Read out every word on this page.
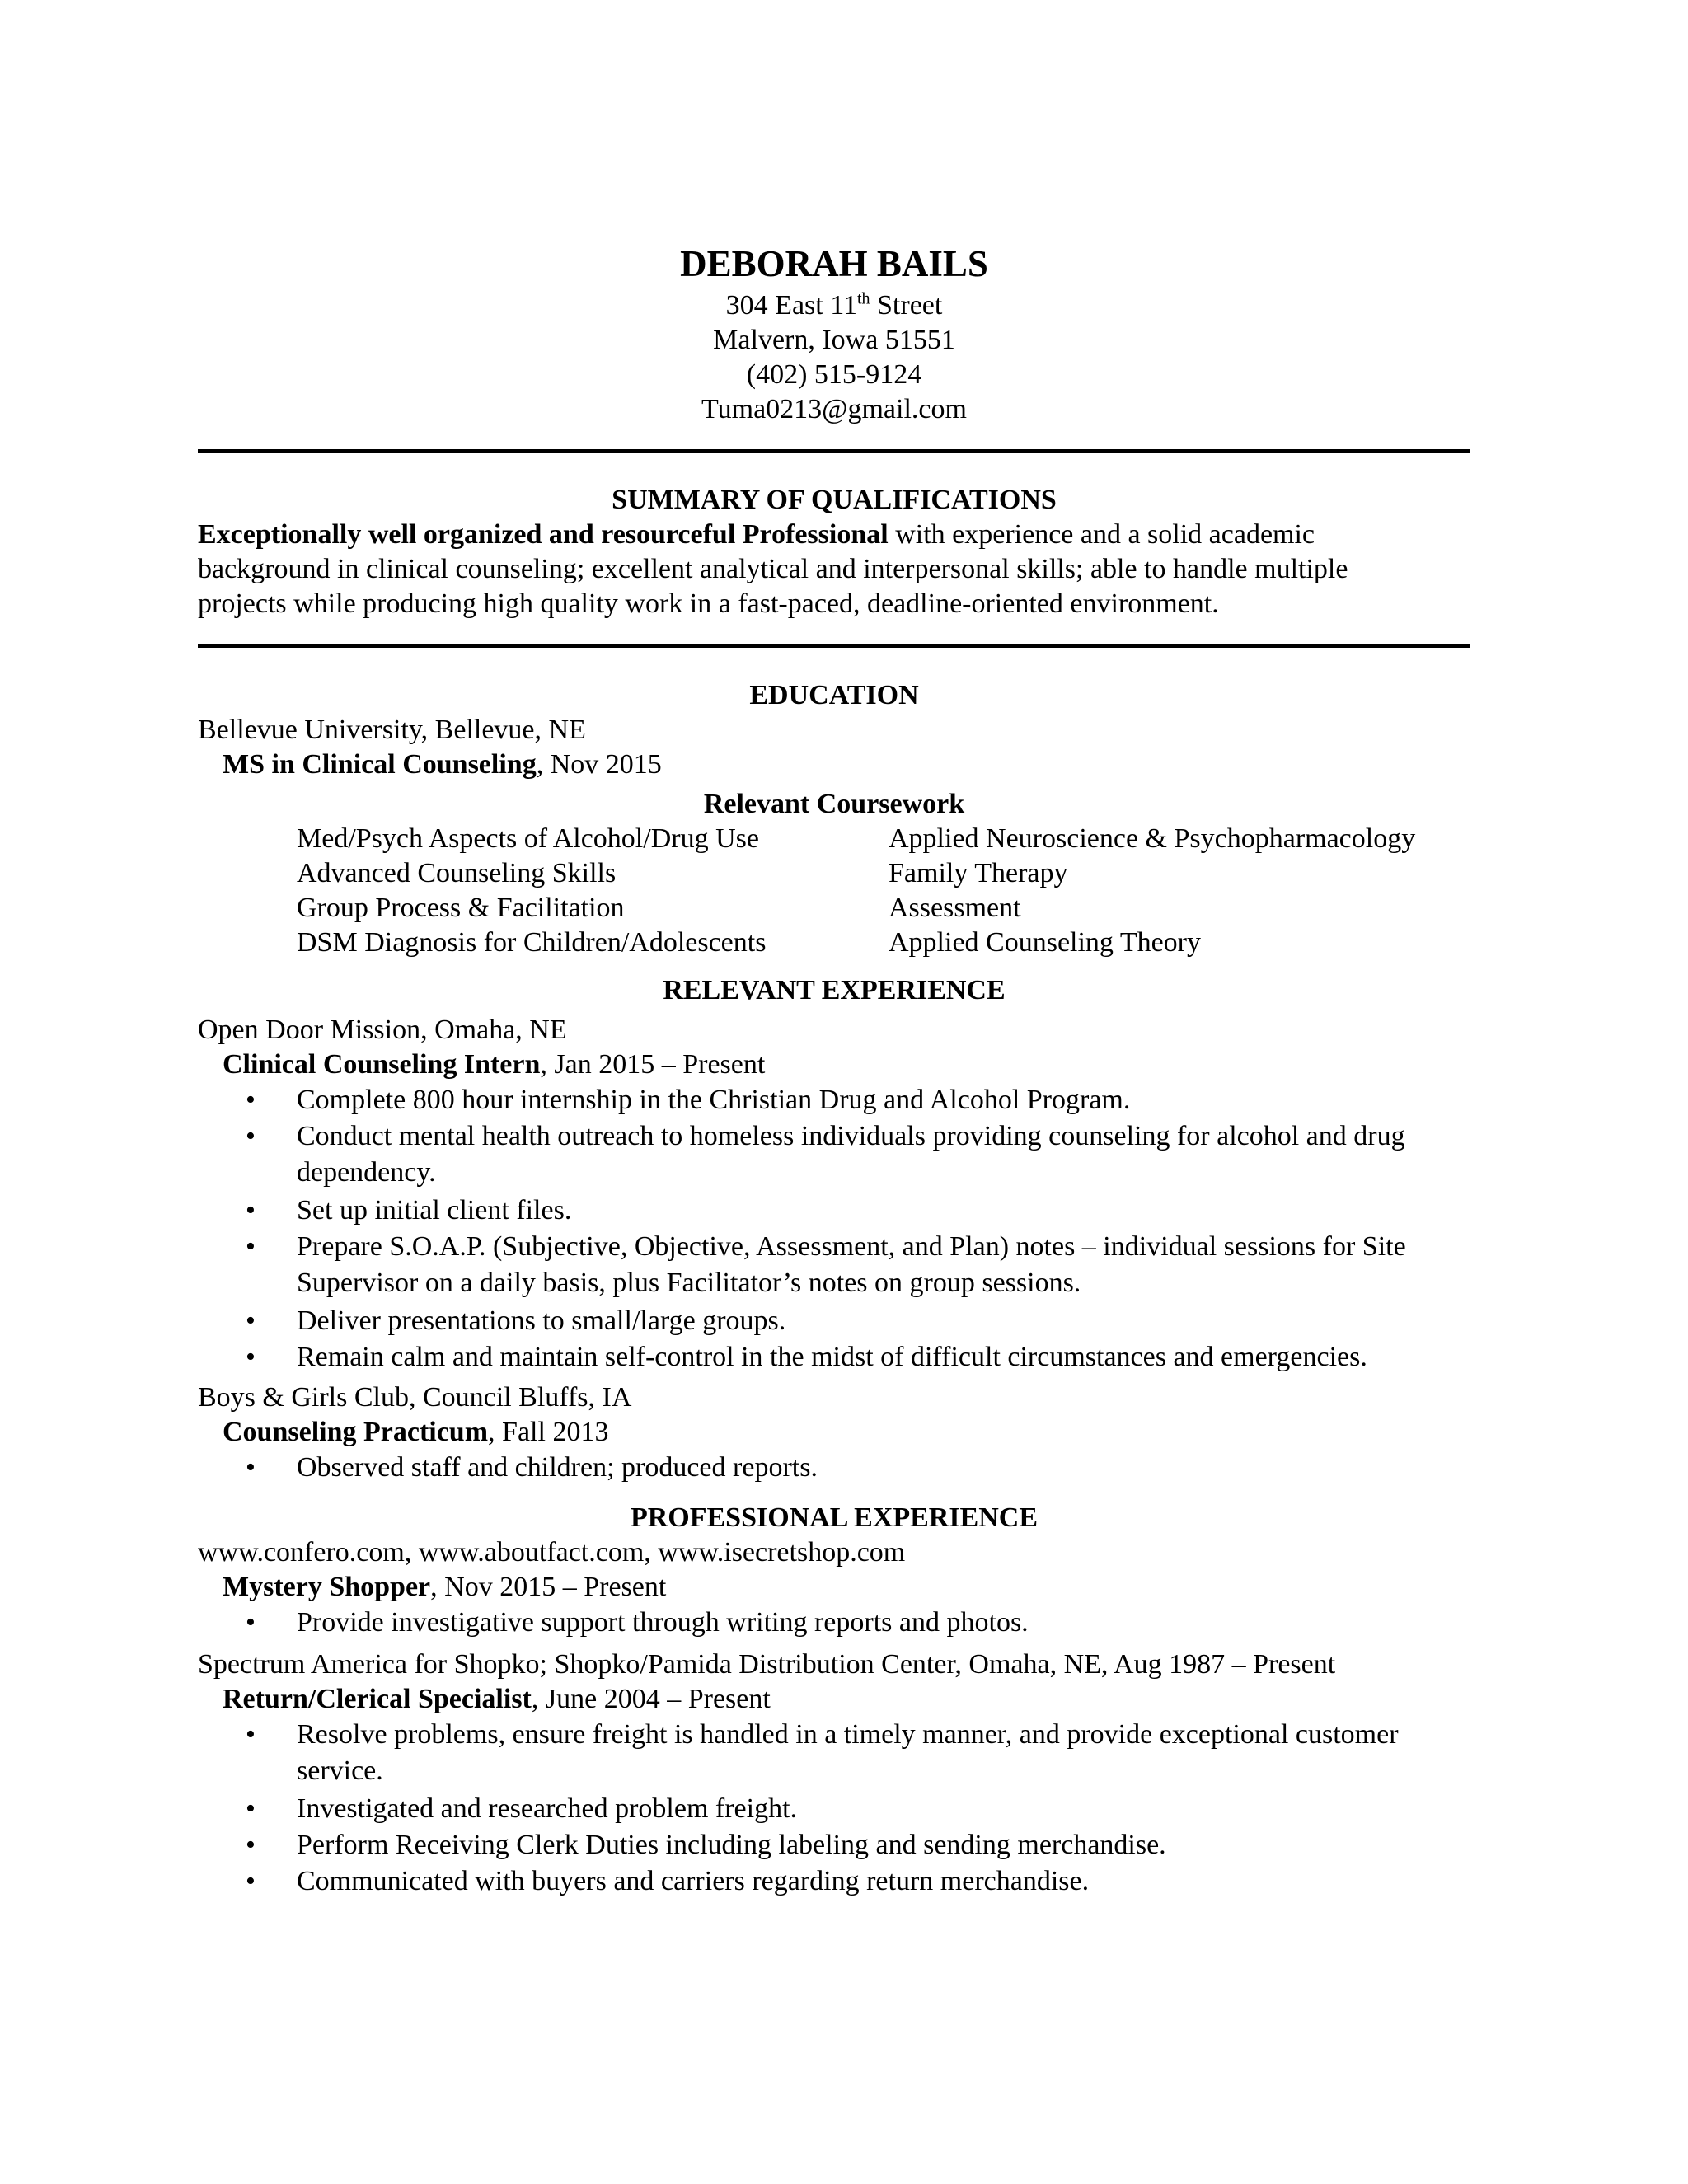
DEBORAH BAILS
304 East 11th Street
Malvern, Iowa 51551
(402) 515-9124
Tuma0213@gmail.com
SUMMARY OF QUALIFICATIONS
Exceptionally well organized and resourceful Professional with experience and a solid academic
background in clinical counseling; excellent analytical and interpersonal skills; able to handle multiple
projects while producing high quality work in a fast-paced, deadline-oriented environment.
EDUCATION
Bellevue University, Bellevue, NE
MS in Clinical Counseling, Nov 2015
Relevant Coursework
Med/Psych Aspects of Alcohol/Drug Use	Applied Neuroscience & Psychopharmacology
Advanced Counseling Skills	Family Therapy
Group Process & Facilitation	Assessment
DSM Diagnosis for Children/Adolescents	Applied Counseling Theory
RELEVANT EXPERIENCE
Open Door Mission, Omaha, NE
Clinical Counseling Intern, Jan 2015 – Present
• Complete 800 hour internship in the Christian Drug and Alcohol Program.
• Conduct mental health outreach to homeless individuals providing counseling for alcohol and drug dependency.
• Set up initial client files.
• Prepare S.O.A.P. (Subjective, Objective, Assessment, and Plan) notes – individual sessions for Site Supervisor on a daily basis, plus Facilitator’s notes on group sessions.
• Deliver presentations to small/large groups.
• Remain calm and maintain self-control in the midst of difficult circumstances and emergencies.
Boys & Girls Club, Council Bluffs, IA
Counseling Practicum, Fall 2013
• Observed staff and children; produced reports.
PROFESSIONAL EXPERIENCE
www.confero.com, www.aboutfact.com, www.isecretshop.com
Mystery Shopper, Nov 2015 – Present
• Provide investigative support through writing reports and photos.
Spectrum America for Shopko; Shopko/Pamida Distribution Center, Omaha, NE, Aug 1987 – Present
Return/Clerical Specialist, June 2004 – Present
• Resolve problems, ensure freight is handled in a timely manner, and provide exceptional customer service.
• Investigated and researched problem freight.
• Perform Receiving Clerk Duties including labeling and sending merchandise.
• Communicated with buyers and carriers regarding return merchandise.
